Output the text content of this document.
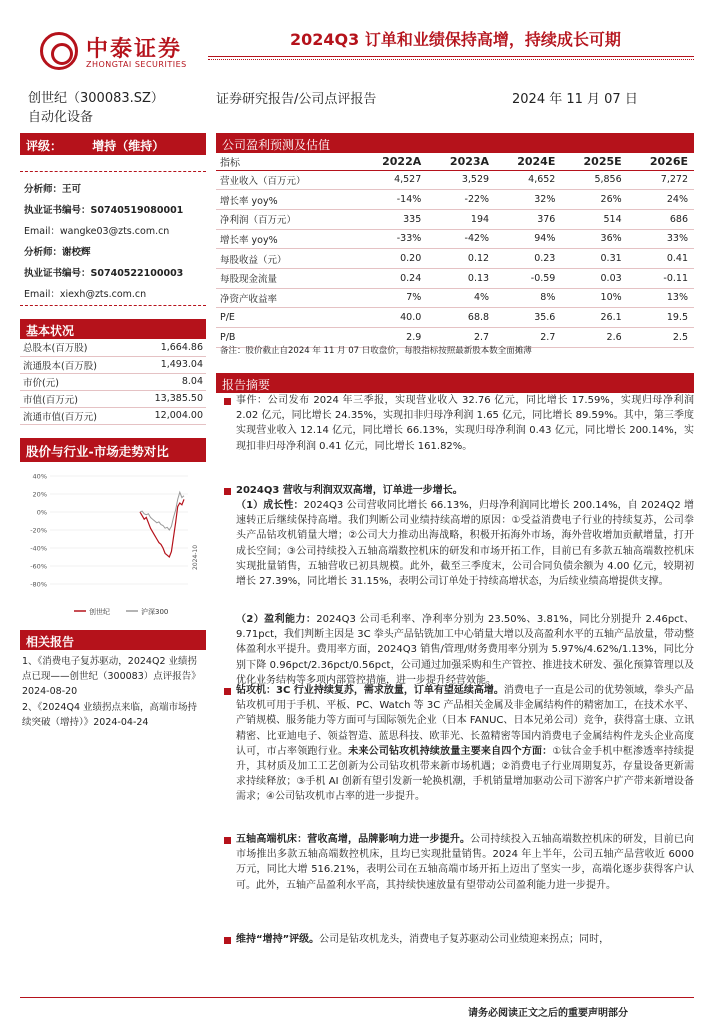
中泰证券
ZHONGTAI SECURITIES
2024Q3 订单和业绩保持高增，持续成长可期
创世纪（300083.SZ）
自动化设备
证券研究报告/公司点评报告	2024 年 11 月 07 日
评级：	增持（维持）
分析师：王可
执业证书编号：S0740519080001
Email：wangke03@zts.com.cn
分析师：谢校辉
执业证书编号：S0740522100003
Email：xiexh@zts.com.cn
基本状况
总股本(百万股)	1,664.86
流通股本(百万股)	1,493.04
市价(元)	8.04
市值(百万元)	13,385.50
流通市值(百万元)	12,004.00
股价与行业-市场走势对比
40%
20%
0%
-20%
-40%
-60%
-80%
2024-10
创世纪	沪深300
相关报告

1、《消费电子复苏驱动，2024Q2 业绩拐点已现——创世纪（300083）点评报告》2024-08-20

2、《2024Q4 业绩拐点来临，高端市场持续突破（增持）》2024-04-24

公司盈利预测及估值
指标	2022A	2023A	2024E	2025E	2026E
营业收入（百万元）	4,527	3,529	4,652	5,856	7,272
增长率 yoy%	-14%	-22%	32%	26%	24%
净利润（百万元）	335	194	376	514	686
增长率 yoy%	-33%	-42%	94%	36%	33%
每股收益（元）	0.20	0.12	0.23	0.31	0.41
每股现金流量	0.24	0.13	-0.59	0.03	-0.11
净资产收益率	7%	4%	8%	10%	13%
P/E	40.0	68.8	35.6	26.1	19.5
P/B	2.9	2.7	2.7	2.6	2.5
备注：股价截止自2024 年 11 月 07 日收盘价，每股指标按照最新股本数全面摊薄
报告摘要
事件：公司发布 2024 年三季报，实现营业收入 32.76 亿元，同比增长 17.59%，实现归母净利润 2.02 亿元，同比增长 24.35%，实现扣非归母净利润 1.65 亿元，同比增长 89.59%。其中，第三季度实现营业收入 12.14 亿元，同比增长 66.13%，实现归母净利润 0.43 亿元，同比增长 200.14%，实现扣非归母净利润 0.41 亿元，同比增长 161.82%。
2024Q3 营收与利润双双高增，订单进一步增长。
（1）成长性：2024Q3 公司营收同比增长 66.13%，归母净利润同比增长 200.14%，自 2024Q2 增速转正后继续保持高增。我们判断公司业绩持续高增的原因：①受益消费电子行业的持续复苏，公司拳头产品钻攻机销量大增；②公司大力推动出海战略，积极开拓海外市场，海外营收增加贡献增量，打开成长空间；③公司持续投入五轴高端数控机床的研发和市场开拓工作，目前已有多款五轴高端数控机床实现批量销售，五轴营收已初具规模。此外，截至三季度末，公司合同负债余额为 4.00 亿元，较期初增长 27.39%，同比增长 31.15%，表明公司订单处于持续高增状态，为后续业绩高增提供支撑。
（2）盈利能力：2024Q3 公司毛利率、净利率分别为 23.50%、3.81%，同比分别提升 2.46pct、9.71pct，我们判断主因是 3C 拳头产品钻铣加工中心销量大增以及高盈利水平的五轴产品放量，带动整体盈利水平提升。费用率方面，2024Q3 销售/管理/财务费用率分别为 5.97%/4.62%/1.13%，同比分别下降 0.96pct/2.36pct/0.56pct，公司通过加强采购和生产管控、推进技术研发、强化预算管理以及优化业务结构等多项内部管控措施，进一步提升经营效能。
钻攻机：3C 行业持续复苏，需求放量，订单有望延续高增。消费电子一直是公司的优势领域，拳头产品钻攻机可用于手机、平板、PC、Watch 等 3C 产品相关金属及非金属结构件的精密加工，在技术水平、产销规模、服务能力等方面可与国际领先企业（日本 FANUC、日本兄弟公司）竞争，获得富士康、立讯精密、比亚迪电子、领益智造、蓝思科技、欧菲光、长盈精密等国内消费电子金属结构件龙头企业高度认可，市占率领跑行业。未来公司钻攻机持续放量主要来自四个方面：①钛合金手机中框渗透率持续提升，其材质及加工工艺创新为公司钻攻机带来新市场机遇；②消费电子行业周期复苏，存量设备更新需求持续释放；③手机 AI 创新有望引发新一轮换机潮，手机销量增加驱动公司下游客户扩产带来新增设备需求；④公司钻攻机市占率的进一步提升。
五轴高端机床：营收高增，品牌影响力进一步提升。公司持续投入五轴高端数控机床的研发，目前已向市场推出多款五轴高端数控机床，且均已实现批量销售。2024 年上半年，公司五轴产品营收近 6000 万元，同比大增 516.21%，表明公司在五轴高端市场开拓上迈出了坚实一步，高端化逐步获得客户认可。此外，五轴产品盈利水平高，其持续快速放量有望带动公司盈利能力进一步提升。
维持“增持”评级。公司是钻攻机龙头，消费电子复苏驱动公司业绩迎来拐点；同时，
请务必阅读正文之后的重要声明部分
